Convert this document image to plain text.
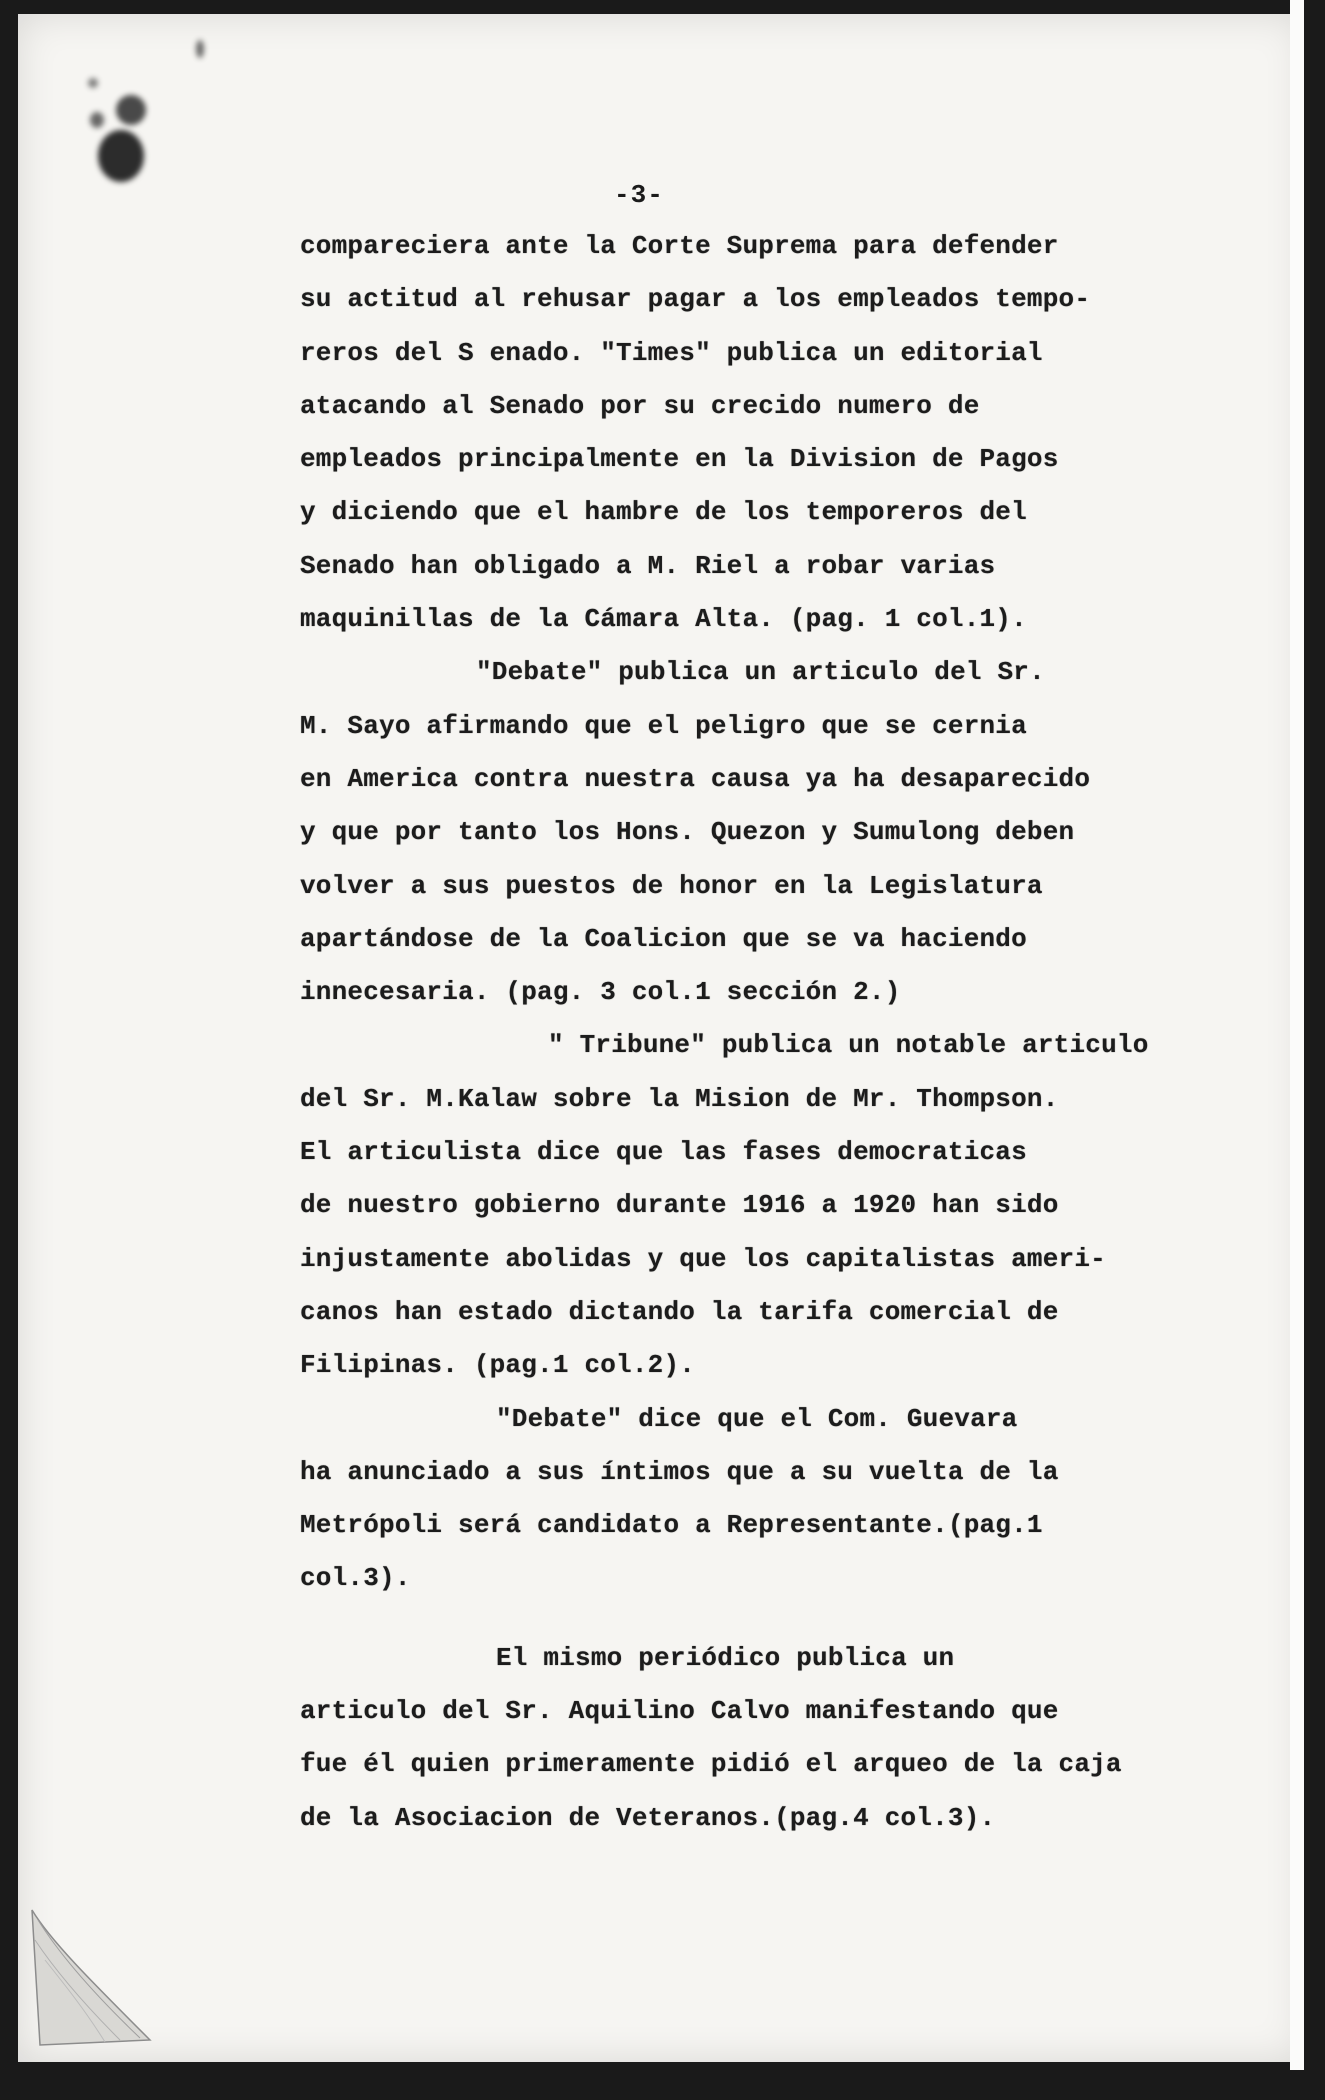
-3-
compareciera ante la Corte Suprema para defender
su actitud al rehusar pagar a los empleados tempo-
reros del S enado. "Times" publica un editorial
atacando al Senado por su crecido numero de
empleados principalmente en la Division de Pagos
y diciendo que el hambre de los temporeros del
Senado han obligado a M. Riel a robar varias
maquinillas de la Cámara Alta. (pag. 1 col.1).
"Debate" publica un articulo del Sr.
M. Sayo afirmando que el peligro que se cernia
en America contra nuestra causa ya ha desaparecido
y que por tanto los Hons. Quezon y Sumulong deben
volver a sus puestos de honor en la Legislatura
apartándose de la Coalicion que se va haciendo
innecesaria. (pag. 3 col.1 sección 2.)
" Tribune" publica un notable articulo
del Sr. M.Kalaw sobre la Mision de Mr. Thompson.
El articulista dice que las fases democraticas
de nuestro gobierno durante 1916 a 1920 han sido
injustamente abolidas y que los capitalistas ameri-
canos han estado dictando la tarifa comercial de
Filipinas. (pag.1 col.2).
"Debate" dice que el Com. Guevara
ha anunciado a sus íntimos que a su vuelta de la
Metrópoli será candidato a Representante.(pag.1
col.3).
El mismo periódico publica un
articulo del Sr. Aquilino Calvo manifestando que
fue él quien primeramente pidió el arqueo de la caja
de la Asociacion de Veteranos.(pag.4 col.3).
